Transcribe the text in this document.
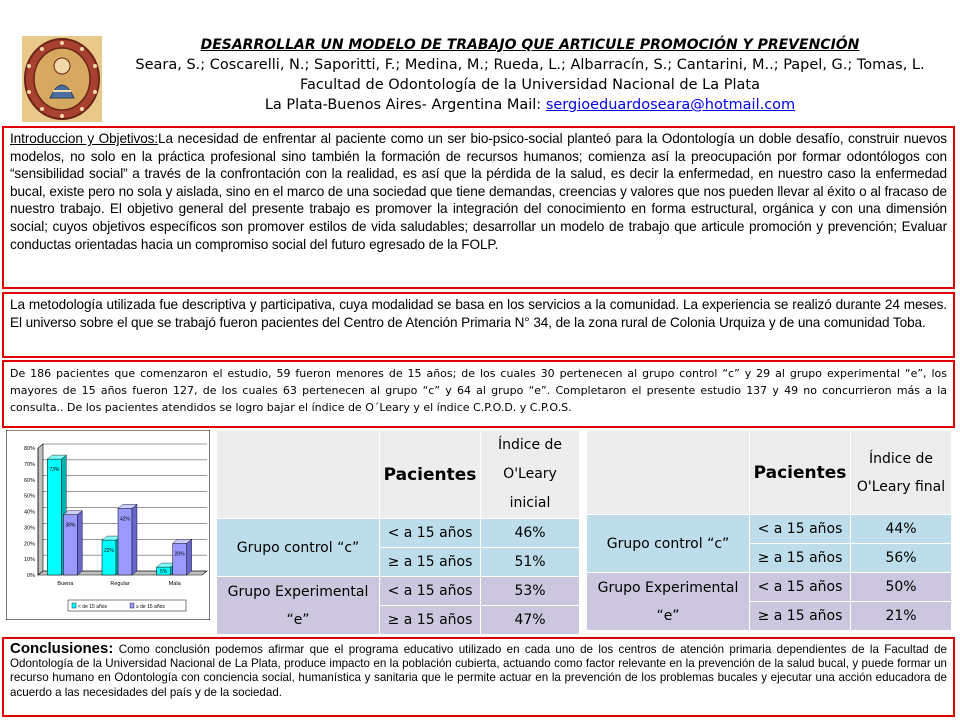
DESARROLLAR UN MODELO DE TRABAJO QUE ARTICULE PROMOCIÓN Y PREVENCIÓN
Seara, S.; Coscarelli, N.; Saporitti, F.; Medina, M.; Rueda, L.; Albarracín, S.; Cantarini, M..; Papel, G.; Tomas, L.
Facultad de Odontología de la Universidad Nacional de La Plata
La Plata-Buenos Aires- Argentina Mail: sergioeduardoseara@hotmail.com
Introduccion y Objetivos:La necesidad de enfrentar al paciente como un ser bio-psico-social planteó para la Odontología un doble desafío, construir nuevos modelos, no solo en la práctica profesional sino también la formación de recursos humanos; comienza así la preocupación por formar odontólogos con “sensibilidad social” a través de la confrontación con la realidad, es así que la pérdida de la salud, es decir la enfermedad, en nuestro caso la enfermedad bucal, existe pero no sola y aislada, sino en el marco de una sociedad que tiene demandas, creencias y valores que nos pueden llevar al éxito o al fracaso de nuestro trabajo. El objetivo general del presente trabajo es promover la integración del conocimiento en forma estructural, orgánica y con una dimensión social; cuyos objetivos específicos son promover estilos de vida saludables; desarrollar un modelo de trabajo que articule promoción y prevención; Evaluar conductas orientadas hacia un compromiso social del futuro egresado de la FOLP.
La metodología utilizada fue descriptiva y participativa, cuya modalidad se basa en los servicios a la comunidad. La experiencia se realizó durante 24 meses. El universo sobre el que se trabajó fueron pacientes del Centro de Atención Primaria N° 34, de la zona rural de Colonia Urquiza y de una comunidad Toba.
De 186 pacientes que comenzaron el estudio, 59 fueron menores de 15 años; de los cuales 30 pertenecen al grupo control “c” y 29 al grupo experimental “e”, los mayores de 15 años fueron 127, de los cuales 63 pertenecen al grupo “c” y 64 al grupo “e”. Completaron el presente estudio 137 y 49 no concurrieron más a la consulta.. De los pacientes atendidos se logro bajar el índice de O´Leary y el índice C.P.O.D. y C.P.O.S.
0%
10%
20%
30%
40%
50%
60%
70%
80%
73%
38%
Buena
22%
42%
Regular
5%
20%
Mala
< de 15 años	≥ de 15 años
	Pacientes	Índice de O'Leary inicial
Grupo control “c”	< a 15 años	46%
	≥ a 15 años	51%
Grupo Experimental “e”	< a 15 años	53%
	≥ a 15 años	47%
	Pacientes	Índice de O'Leary final
Grupo control “c”	< a 15 años	44%
	≥ a 15 años	56%
Grupo Experimental “e”	< a 15 años	50%
	≥ a 15 años	21%
Conclusiones: Como conclusión podemos afirmar que el programa educativo utilizado en cada uno de los centros de atención primaria dependientes de la Facultad de Odontología de la Universidad Nacional de La Plata, produce impacto en la población cubierta, actuando como factor relevante en la prevención de la salud bucal, y puede formar un recurso humano en Odontología con conciencia social, humanística y sanitaria que le permite actuar en la prevención de los problemas bucales y ejecutar una acción educadora de acuerdo a las necesidades del país y de la sociedad.
